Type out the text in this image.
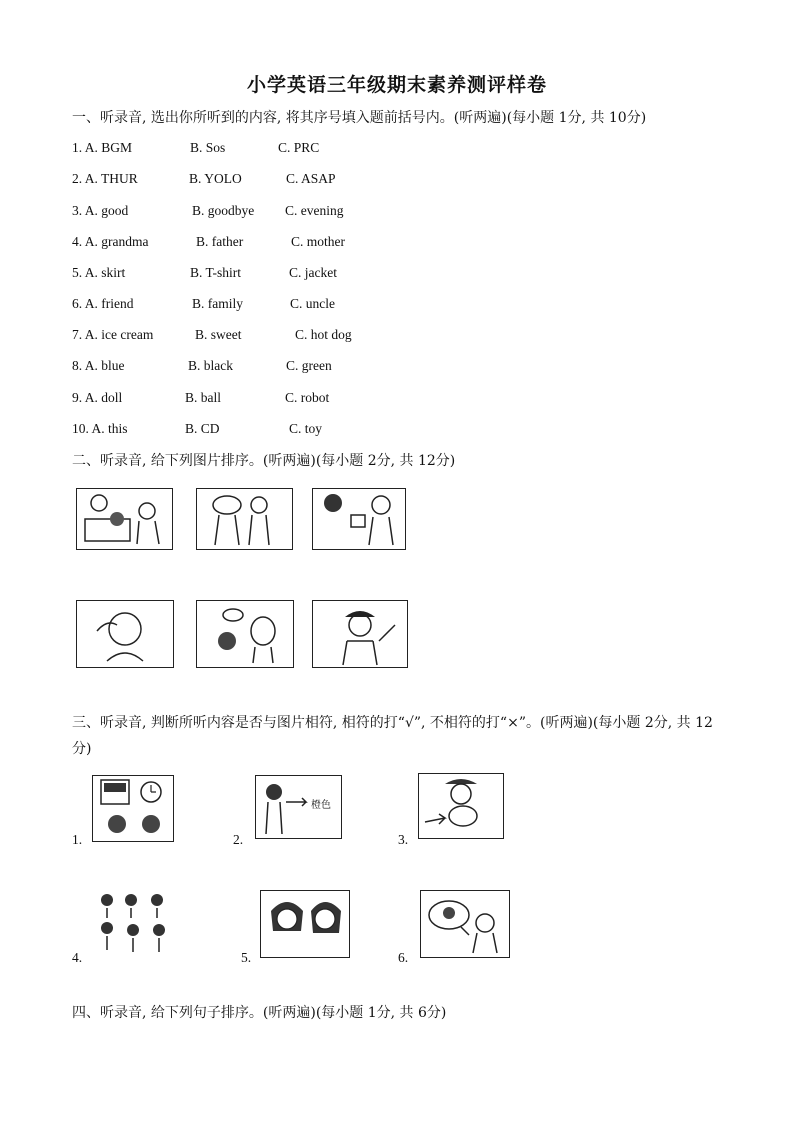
小学英语三年级期末素养测评样卷
一、听录音, 选出你所听到的内容, 将其序号填入题前括号内。(听两遍)(每小题 1分, 共 10分)
1. A. BGM	B. Sos	C. PRC
2. A. THUR	B. YOLO	C. ASAP
3. A. good	B. goodbye C. evening
4. A. grandma	B. father	C. mother
5. A. skirt	B. T-shirt	C. jacket
6. A. friend	B. family	C. uncle
7. A. ice cream	B. sweet	C. hot dog
8. A. blue	B. black	C. green
9. A. doll	B. ball	C. robot
10. A. this	B. CD	C. toy
二、听录音, 给下列图片排序。(听两遍)(每小题 2分, 共 12分)
三、听录音, 判断所听内容是否与图片相符, 相符的打“√”, 不相符的打“×”。(听两遍)(每小题 2分, 共 12分)
1.	2.
橙色
3.
4.	5.	6.
四、听录音, 给下列句子排序。(听两遍)(每小题 1分, 共 6分)
